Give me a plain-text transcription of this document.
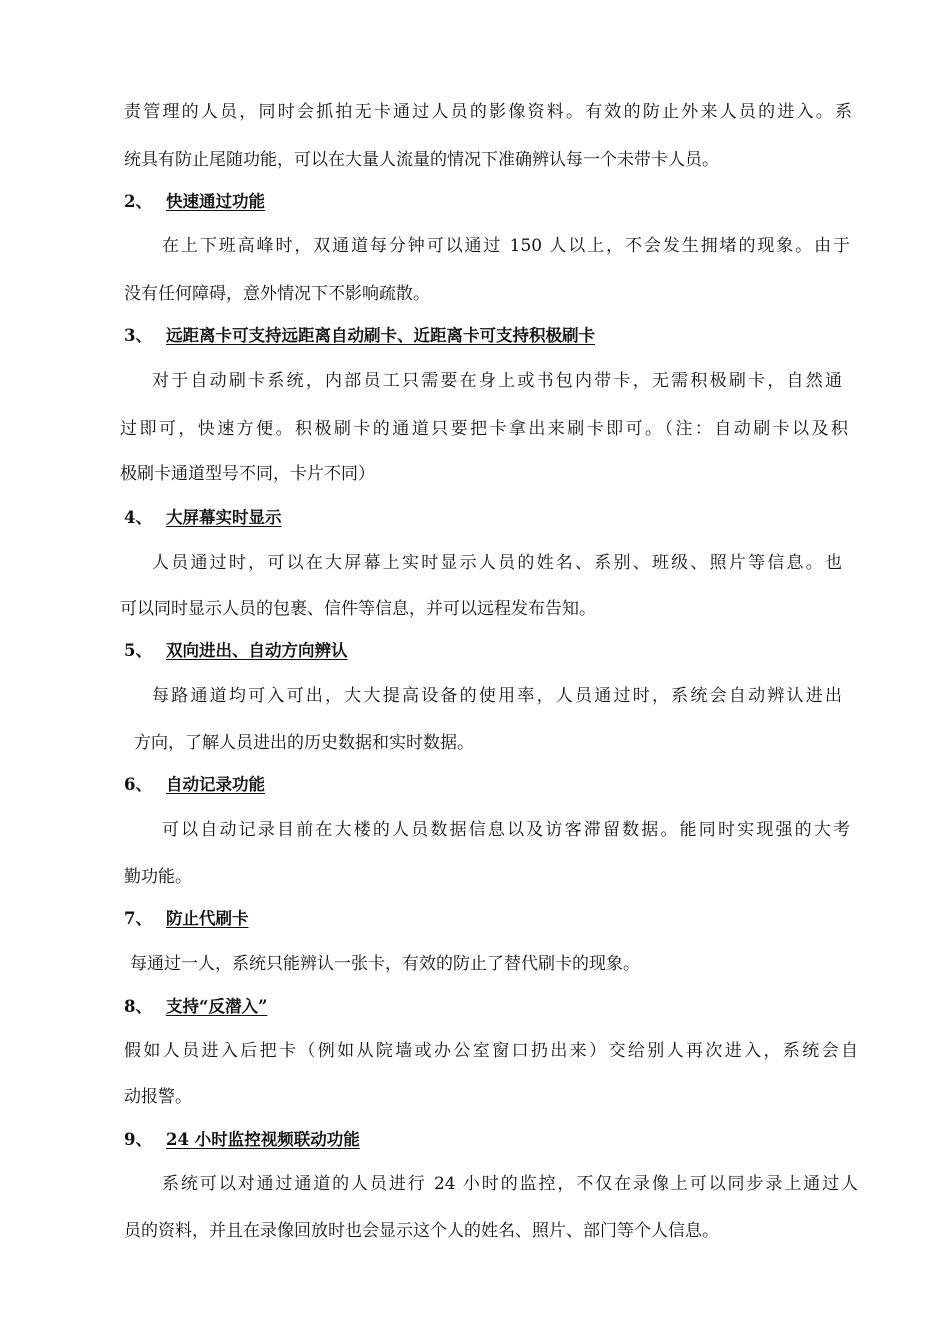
责管理的人员，同时会抓拍无卡通过人员的影像资料。有效的防止外来人员的进入。系
统具有防止尾随功能，可以在大量人流量的情况下准确辨认每一个未带卡人员。
2、 快速通过功能
在上下班高峰时，双通道每分钟可以通过 150 人以上，不会发生拥堵的现象。由于
没有任何障碍，意外情况下不影响疏散。
3、 远距离卡可支持远距离自动刷卡、近距离卡可支持积极刷卡
对于自动刷卡系统，内部员工只需要在身上或书包内带卡，无需积极刷卡，自然通
过即可，快速方便。积极刷卡的通道只要把卡拿出来刷卡即可。（注：自动刷卡以及积
极刷卡通道型号不同，卡片不同）
4、 大屏幕实时显示
人员通过时，可以在大屏幕上实时显示人员的姓名、系别、班级、照片等信息。也
可以同时显示人员的包裹、信件等信息，并可以远程发布告知。
5、 双向进出、自动方向辨认
每路通道均可入可出，大大提高设备的使用率，人员通过时，系统会自动辨认进出
方向，了解人员进出的历史数据和实时数据。
6、 自动记录功能
可以自动记录目前在大楼的人员数据信息以及访客滞留数据。能同时实现强的大考
勤功能。
7、 防止代刷卡
每通过一人，系统只能辨认一张卡，有效的防止了替代刷卡的现象。
8、 支持“反潜入”
假如人员进入后把卡（例如从院墙或办公室窗口扔出来）交给别人再次进入，系统会自
动报警。
9、 24 小时监控视频联动功能
系统可以对通过通道的人员进行 24 小时的监控，不仅在录像上可以同步录上通过人
员的资料，并且在录像回放时也会显示这个人的姓名、照片、部门等个人信息。
